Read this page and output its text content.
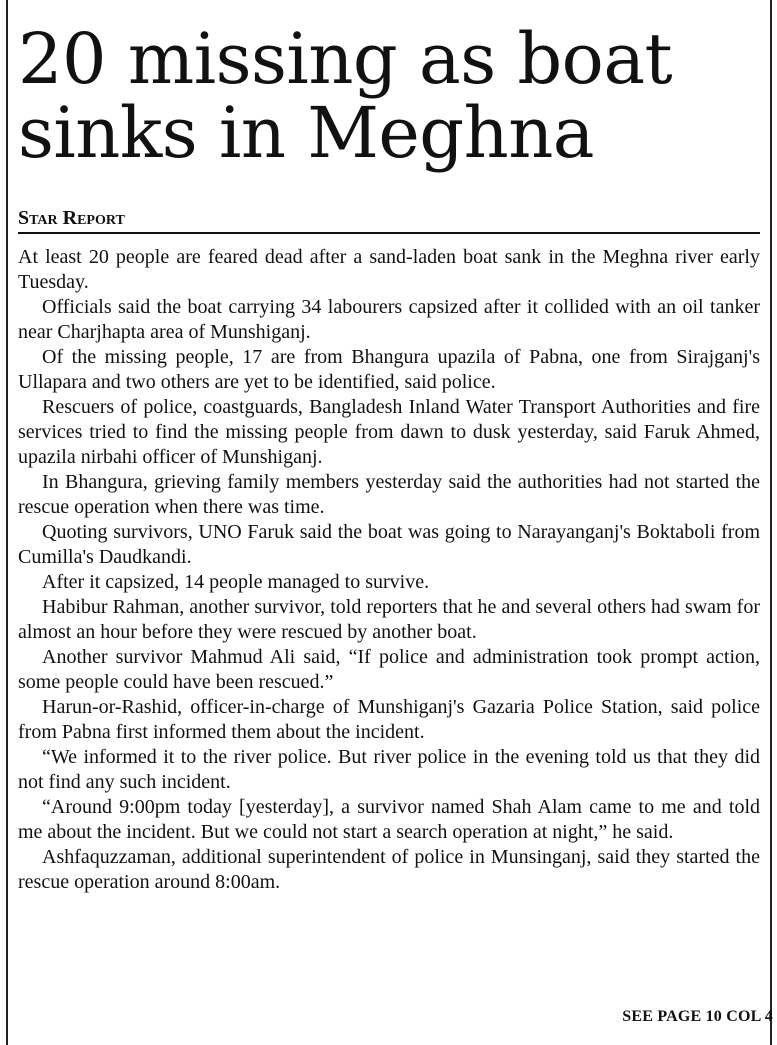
20 missing as boat sinks in Meghna
Star Report

At least 20 people are feared dead after a sand-laden boat sank in the Meghna river early Tuesday.

Officials said the boat carrying 34 labourers capsized after it collided with an oil tanker near Charjhapta area of Munshiganj.

Of the missing people, 17 are from Bhangura upazila of Pabna, one from Sirajganj's Ullapara and two others are yet to be identified, said police.

Rescuers of police, coastguards, Bangladesh Inland Water Transport Authorities and fire services tried to find the missing people from dawn to dusk yesterday, said Faruk Ahmed, upazila nirbahi officer of Munshiganj.

In Bhangura, grieving family members yesterday said the authorities had not started the rescue operation when there was time.

Quoting survivors, UNO Faruk said the boat was going to Narayanganj's Boktaboli from Cumilla's Daudkandi.

After it capsized, 14 people managed to survive.

Habibur Rahman, another survivor, told reporters that he and several others had swam for almost an hour before they were rescued by another boat.

Another survivor Mahmud Ali said, “If police and administration took prompt action, some people could have been rescued.”

Harun-or-Rashid, officer-in-charge of Munshiganj's Gazaria Police Station, said police from Pabna first informed them about the incident.

“We informed it to the river police. But river police in the evening told us that they did not find any such incident.

“Around 9:00pm today [yesterday], a survivor named Shah Alam came to me and told me about the incident. But we could not start a search operation at night,” he said.

Ashfaquzzaman, additional superintendent of police in Munsinganj, said they started the rescue operation around 8:00am.

SEE PAGE 10 COL 4
